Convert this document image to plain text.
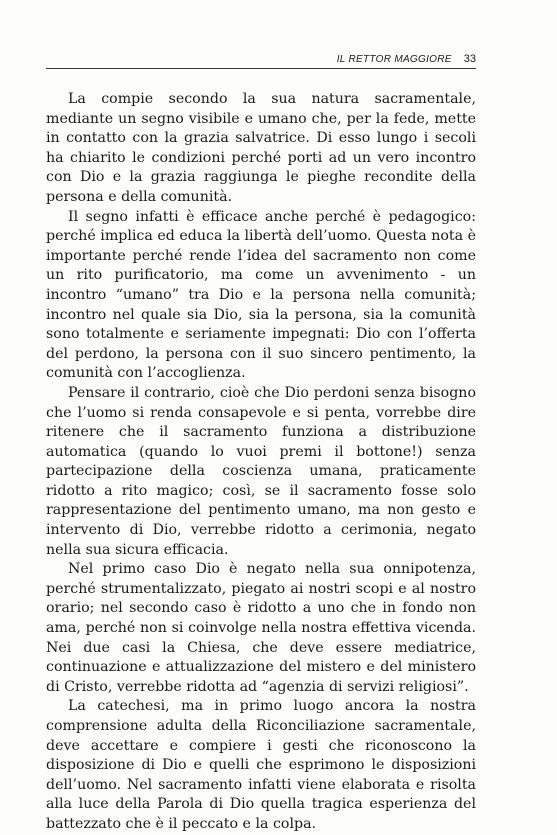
IL RETTOR MAGGIORE 33

La compie secondo la sua natura sacramentale, mediante un segno visibile e umano che, per la fede, mette in contatto con la grazia salvatrice. Di esso lungo i secoli ha chiarito le condizioni perché porti ad un vero incontro con Dio e la grazia raggiunga le pieghe recondite della persona e della comunità.

Il segno infatti è efficace anche perché è pedagogico: perché implica ed educa la libertà dell’uomo. Questa nota è importante perché rende l’idea del sacramento non come un rito purificatorio, ma come un avvenimento - un incontro “umano” tra Dio e la persona nella comunità; incontro nel quale sia Dio, sia la persona, sia la comunità sono totalmente e seriamente impegnati: Dio con l’offerta del perdono, la persona con il suo sincero pentimento, la comunità con l’accoglienza.

Pensare il contrario, cioè che Dio perdoni senza bisogno che l’uomo si renda consapevole e si penta, vorrebbe dire ritenere che il sacramento funziona a distribuzione automatica (quando lo vuoi premi il bottone!) senza partecipazione della coscienza umana, praticamente ridotto a rito magico; così, se il sacramento fosse solo rappresentazione del pentimento umano, ma non gesto e intervento di Dio, verrebbe ridotto a cerimonia, negato nella sua sicura efficacia.

Nel primo caso Dio è negato nella sua onnipotenza, perché strumentalizzato, piegato ai nostri scopi e al nostro orario; nel secondo caso è ridotto a uno che in fondo non ama, perché non si coinvolge nella nostra effettiva vicenda. Nei due casi la Chiesa, che deve essere mediatrice, continuazione e attualizzazione del mistero e del ministero di Cristo, verrebbe ridotta ad “agenzia di servizi religiosi”.

La catechesi, ma in primo luogo ancora la nostra comprensione adulta della Riconciliazione sacramentale, deve accettare e compiere i gesti che riconoscono la disposizione di Dio e quelli che esprimono le disposizioni dell’uomo. Nel sacramento infatti viene elaborata e risolta alla luce della Parola di Dio quella tragica esperienza del battezzato che è il peccato e la colpa.
